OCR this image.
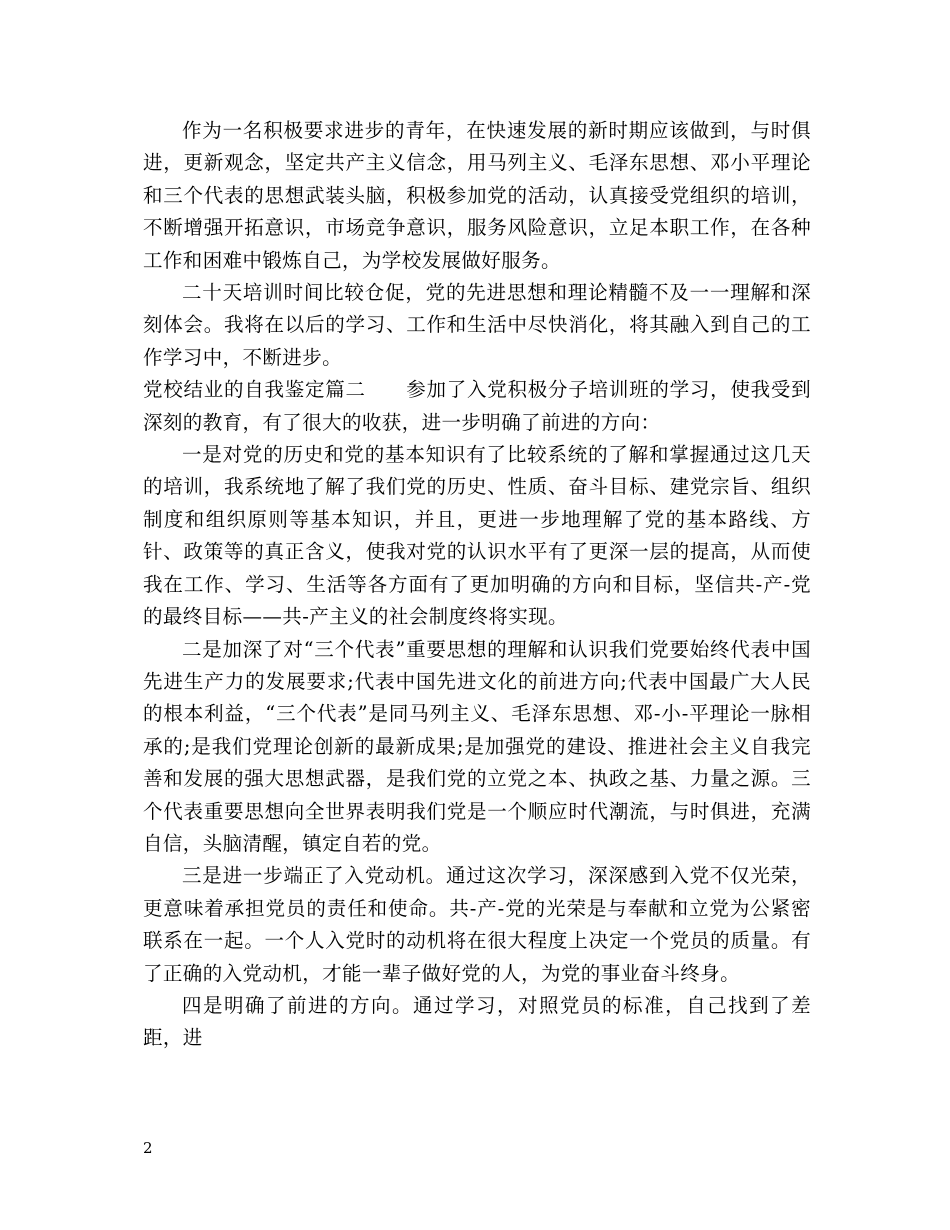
作为一名积极要求进步的青年，在快速发展的新时期应该做到，与时俱进，更新观念，坚定共产主义信念，用马列主义、毛泽东思想、邓小平理论和三个代表的思想武装头脑，积极参加党的活动，认真接受党组织的培训，不断增强开拓意识，市场竞争意识，服务风险意识，立足本职工作，在各种工作和困难中锻炼自己，为学校发展做好服务。

二十天培训时间比较仓促，党的先进思想和理论精髓不及一一理解和深刻体会。我将在以后的学习、工作和生活中尽快消化，将其融入到自己的工作学习中，不断进步。

党校结业的自我鉴定篇二　　参加了入党积极分子培训班的学习，使我受到深刻的教育，有了很大的收获，进一步明确了前进的方向：

一是对党的历史和党的基本知识有了比较系统的了解和掌握通过这几天的培训，我系统地了解了我们党的历史、性质、奋斗目标、建党宗旨、组织制度和组织原则等基本知识，并且，更进一步地理解了党的基本路线、方针、政策等的真正含义，使我对党的认识水平有了更深一层的提高，从而使我在工作、学习、生活等各方面有了更加明确的方向和目标，坚信共-产-党的最终目标——共-产主义的社会制度终将实现。

二是加深了对“三个代表”重要思想的理解和认识我们党要始终代表中国先进生产力的发展要求;代表中国先进文化的前进方向;代表中国最广大人民的根本利益，“三个代表”是同马列主义、毛泽东思想、邓-小-平理论一脉相承的;是我们党理论创新的最新成果;是加强党的建设、推进社会主义自我完善和发展的强大思想武器，是我们党的立党之本、执政之基、力量之源。三个代表重要思想向全世界表明我们党是一个顺应时代潮流，与时俱进，充满自信，头脑清醒，镇定自若的党。

三是进一步端正了入党动机。通过这次学习，深深感到入党不仅光荣，更意味着承担党员的责任和使命。共-产-党的光荣是与奉献和立党为公紧密联系在一起。一个人入党时的动机将在很大程度上决定一个党员的质量。有了正确的入党动机，才能一辈子做好党的人，为党的事业奋斗终身。

四是明确了前进的方向。通过学习，对照党员的标准，自己找到了差距，进

2
